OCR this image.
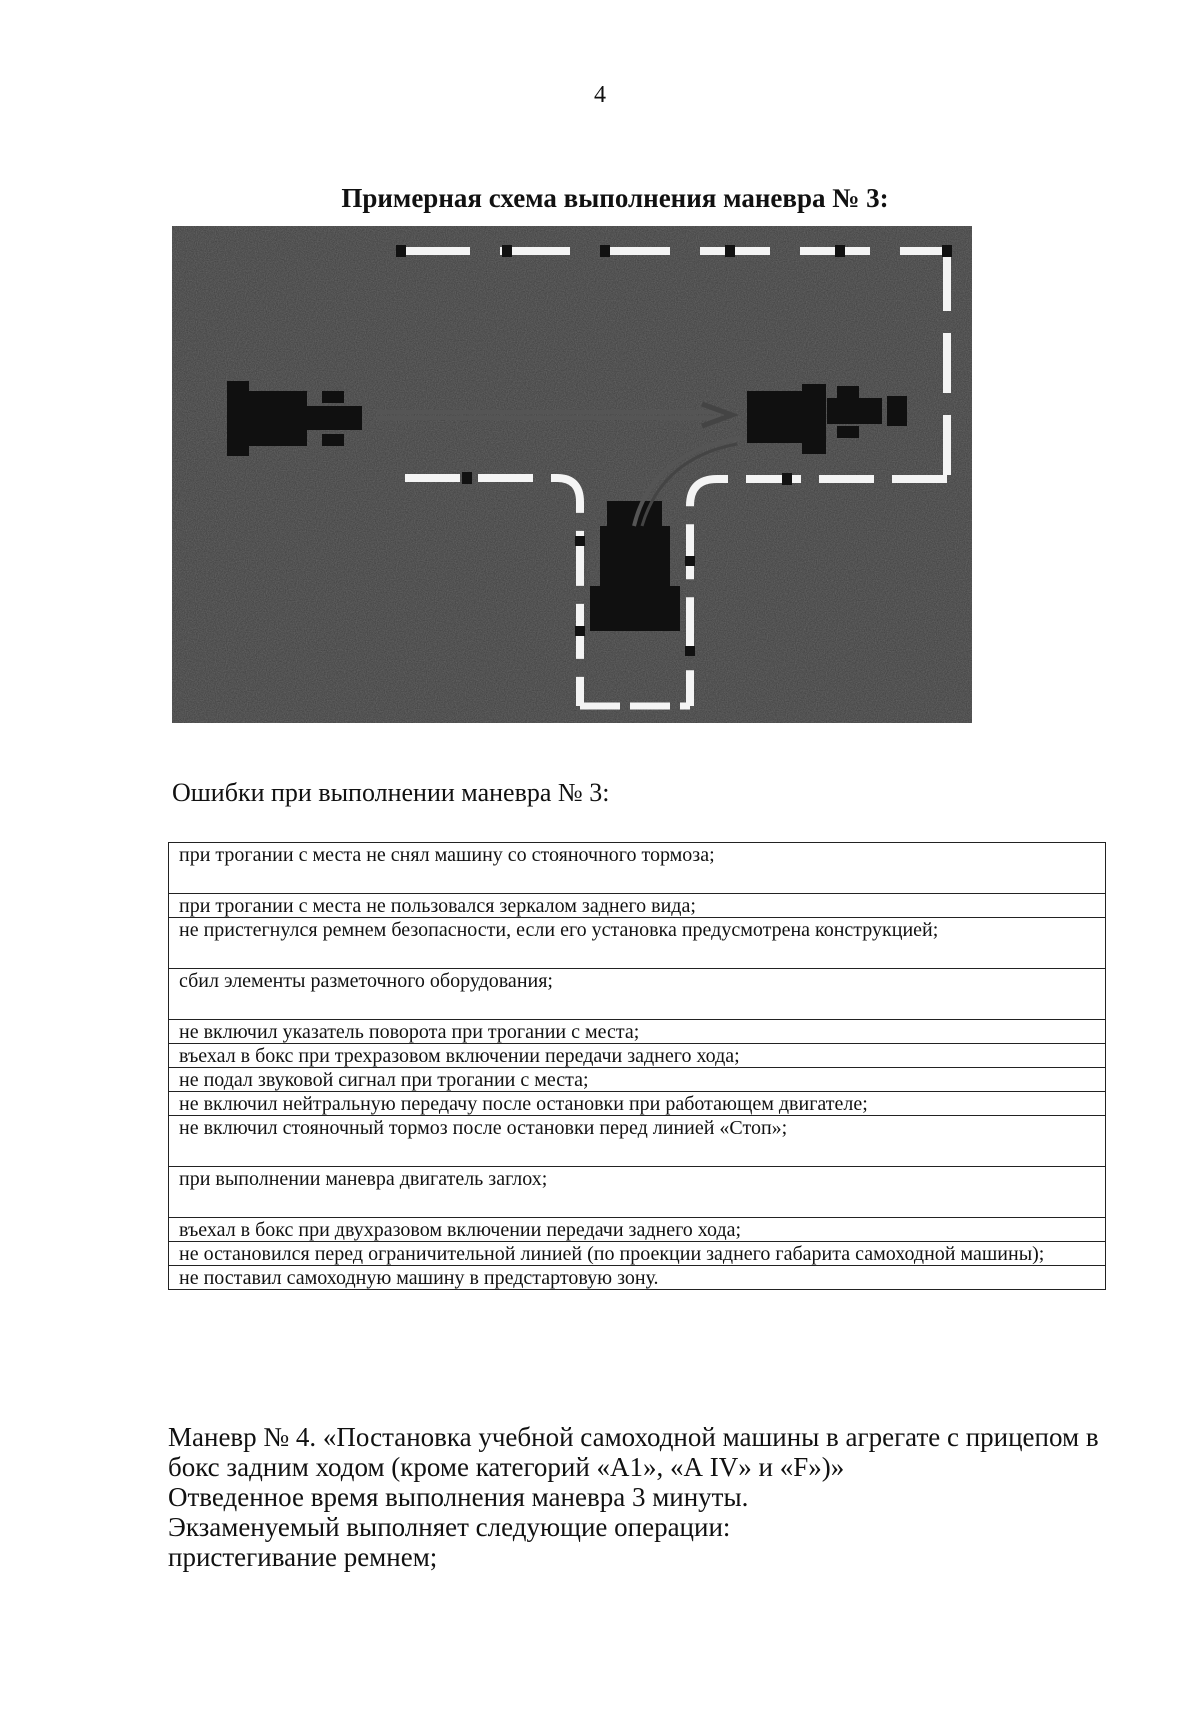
4
Примерная схема выполнения маневра № 3:
Ошибки при выполнении маневра № 3:
при трогании с места не снял машину со стояночного тормоза;
при трогании с места не пользовался зеркалом заднего вида;
не пристегнулся ремнем безопасности, если его установка предусмотрена конструкцией;
сбил элементы разметочного оборудования;
не включил указатель поворота при трогании с места;
въехал в бокс при трехразовом включении передачи заднего хода;
не подал звуковой сигнал при трогании с места;
не включил нейтральную передачу после остановки при работающем двигателе;
не включил стояночный тормоз после остановки перед линией «Стоп»;
при выполнении маневра двигатель заглох;
въехал в бокс при двухразовом включении передачи заднего хода;
не остановился перед ограничительной линией (по проекции заднего габарита самоходной машины);
не поставил самоходную машину в предстартовую зону.

Маневр № 4. «Постановка учебной самоходной машины в агрегате с прицепом в бокс задним ходом (кроме категорий «А1», «А IV» и «F»)»

Отведенное время выполнения маневра 3 минуты.

Экзаменуемый выполняет следующие операции:

пристегивание ремнем;
